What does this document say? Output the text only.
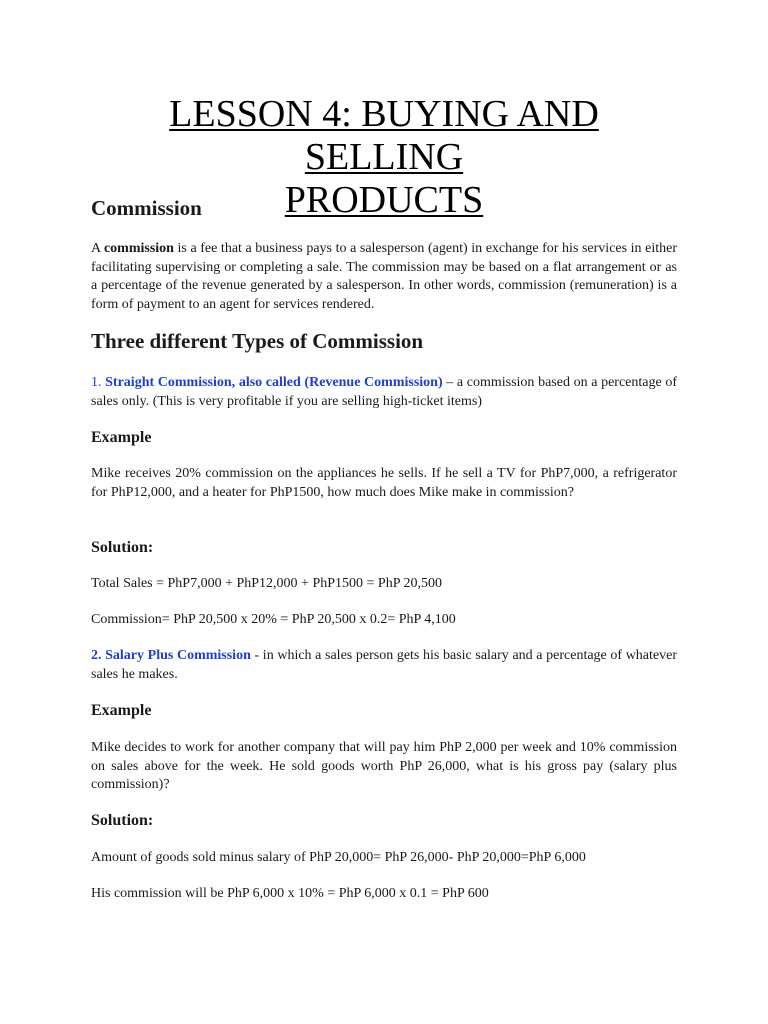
LESSON 4: BUYING AND SELLING
PRODUCTS
Commission

A commission is a fee that a business pays to a salesperson (agent) in exchange for his services in either facilitating supervising or completing a sale. The commission may be based on a flat arrangement or as a percentage of the revenue generated by a salesperson. In other words, commission (remuneration) is a form of payment to an agent for services rendered.

Three different Types of Commission

1. Straight Commission, also called (Revenue Commission) – a commission based on a percentage of sales only. (This is very profitable if you are selling high-ticket items)

Example

Mike receives 20% commission on the appliances he sells. If he sell a TV for PhP7,000, a refrigerator for PhP12,000, and a heater for PhP1500, how much does Mike make in commission?

Solution:

Total Sales = PhP7,000 + PhP12,000 + PhP1500 = PhP 20,500

Commission= PhP 20,500 x 20% = PhP 20,500 x 0.2= PhP 4,100

2. Salary Plus Commission - in which a sales person gets his basic salary and a percentage of whatever sales he makes.

Example

Mike decides to work for another company that will pay him PhP 2,000 per week and 10% commission on sales above for the week. He sold goods worth PhP 26,000, what is his gross pay (salary plus commission)?

Solution:

Amount of goods sold minus salary of PhP 20,000= PhP 26,000- PhP 20,000=PhP 6,000

His commission will be PhP 6,000 x 10% = PhP 6,000 x 0.1 = PhP 600
